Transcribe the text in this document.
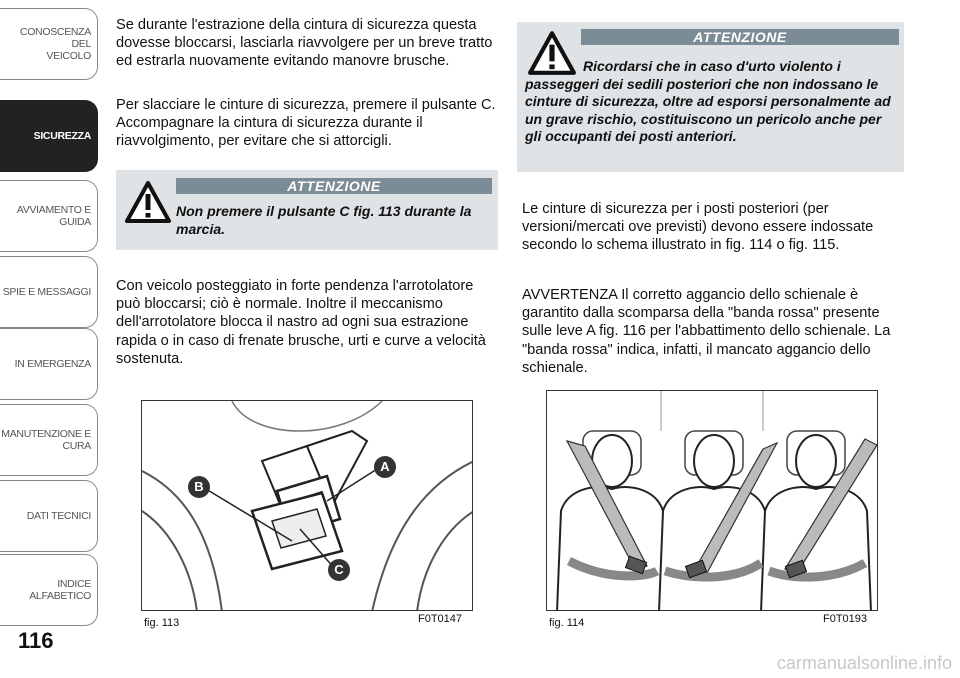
CONOSCENZA DEL
VEICOLO
SICUREZZA
AVVIAMENTO E
GUIDA
SPIE E MESSAGGI
IN EMERGENZA
MANUTENZIONE E
CURA
DATI TECNICI
INDICE ALFABETICO
116

Se durante l'estrazione della cintura di sicurezza questa dovesse bloccarsi, lasciarla riavvolgere per un breve tratto ed estrarla nuovamente evitando manovre brusche.

Per slacciare le cinture di sicurezza, premere il pulsante C. Accompagnare la cintura di sicurezza durante il riavvolgimento, per evitare che si attorcigli.

ATTENZIONE

Non premere il pulsante C fig. 113 durante la marcia.

Con veicolo posteggiato in forte pendenza l'arrotolatore può bloccarsi; ciò è normale. Inoltre il meccanismo dell'arrotolatore blocca il nastro ad ogni sua estrazione rapida o in caso di frenate brusche, urti e curve a velocità sostenuta.

A
B
C
fig. 113	F0T0147
ATTENZIONE

Ricordarsi che in caso d'urto violento i passeggeri dei sedili posteriori che non indossano le cinture di sicurezza, oltre ad esporsi personalmente ad un grave rischio, costituiscono un pericolo anche per gli occupanti dei posti anteriori.

Le cinture di sicurezza per i posti posteriori (per versioni/mercati ove previsti) devono essere indossate secondo lo schema illustrato in fig. 114 o fig. 115.

AVVERTENZA Il corretto aggancio dello schienale è garantito dalla scomparsa della "banda rossa" presente sulle leve A fig. 116 per l'abbattimento dello schienale. La "banda rossa" indica, infatti, il mancato aggancio dello schienale.

fig. 114	F0T0193
carmanualsonline.info
